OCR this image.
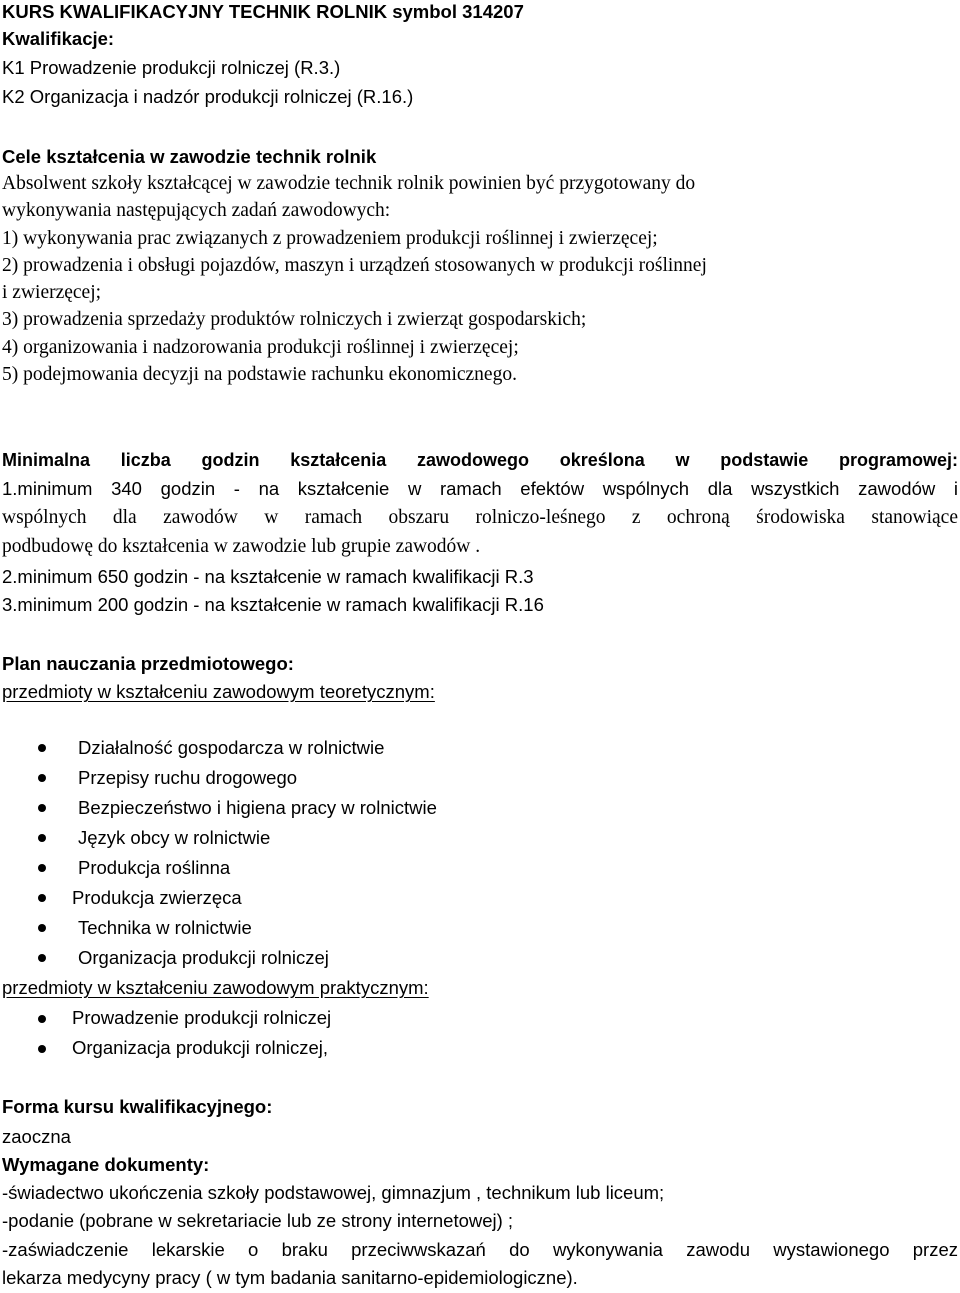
KURS KWALIFIKACYJNY TECHNIK ROLNIK symbol 314207
Kwalifikacje:
K1 Prowadzenie produkcji rolniczej (R.3.)
K2 Organizacja i nadzór produkcji rolniczej (R.16.)
Cele kształcenia w zawodzie technik rolnik
Absolwent szkoły kształcącej w zawodzie technik rolnik powinien być przygotowany do
wykonywania następujących zadań zawodowych:
1) wykonywania prac związanych z prowadzeniem produkcji roślinnej i zwierzęcej;
2) prowadzenia i obsługi pojazdów, maszyn i urządzeń stosowanych w produkcji roślinnej
i zwierzęcej;
3) prowadzenia sprzedaży produktów rolniczych i zwierząt gospodarskich;
4) organizowania i nadzorowania produkcji roślinnej i zwierzęcej;
5) podejmowania decyzji na podstawie rachunku ekonomicznego.
Minimalna liczba godzin kształcenia zawodowego określona w podstawie programowej:
1.minimum 340 godzin - na kształcenie w ramach efektów wspólnych dla wszystkich zawodów i
wspólnych dla zawodów w ramach obszaru rolniczo-leśnego z ochroną środowiska stanowiące
podbudowę do kształcenia w zawodzie lub grupie zawodów .
2.minimum 650 godzin - na kształcenie w ramach kwalifikacji R.3
3.minimum 200 godzin - na kształcenie w ramach kwalifikacji R.16
Plan nauczania przedmiotowego:
przedmioty w kształceniu zawodowym teoretycznym:
Działalność gospodarcza w rolnictwie
Przepisy ruchu drogowego
Bezpieczeństwo i higiena pracy w rolnictwie
Język obcy w rolnictwie
Produkcja roślinna
Produkcja zwierzęca
Technika w rolnictwie
Organizacja produkcji rolniczej
przedmioty w kształceniu zawodowym praktycznym:
Prowadzenie produkcji rolniczej
Organizacja produkcji rolniczej,
Forma kursu kwalifikacyjnego:
zaoczna
Wymagane dokumenty:
-świadectwo ukończenia szkoły podstawowej, gimnazjum , technikum lub liceum;
-podanie (pobrane w sekretariacie lub ze strony internetowej) ;
-zaświadczenie lekarskie o braku przeciwwskazań do wykonywania zawodu wystawionego przez
lekarza medycyny pracy ( w tym badania sanitarno-epidemiologiczne).
